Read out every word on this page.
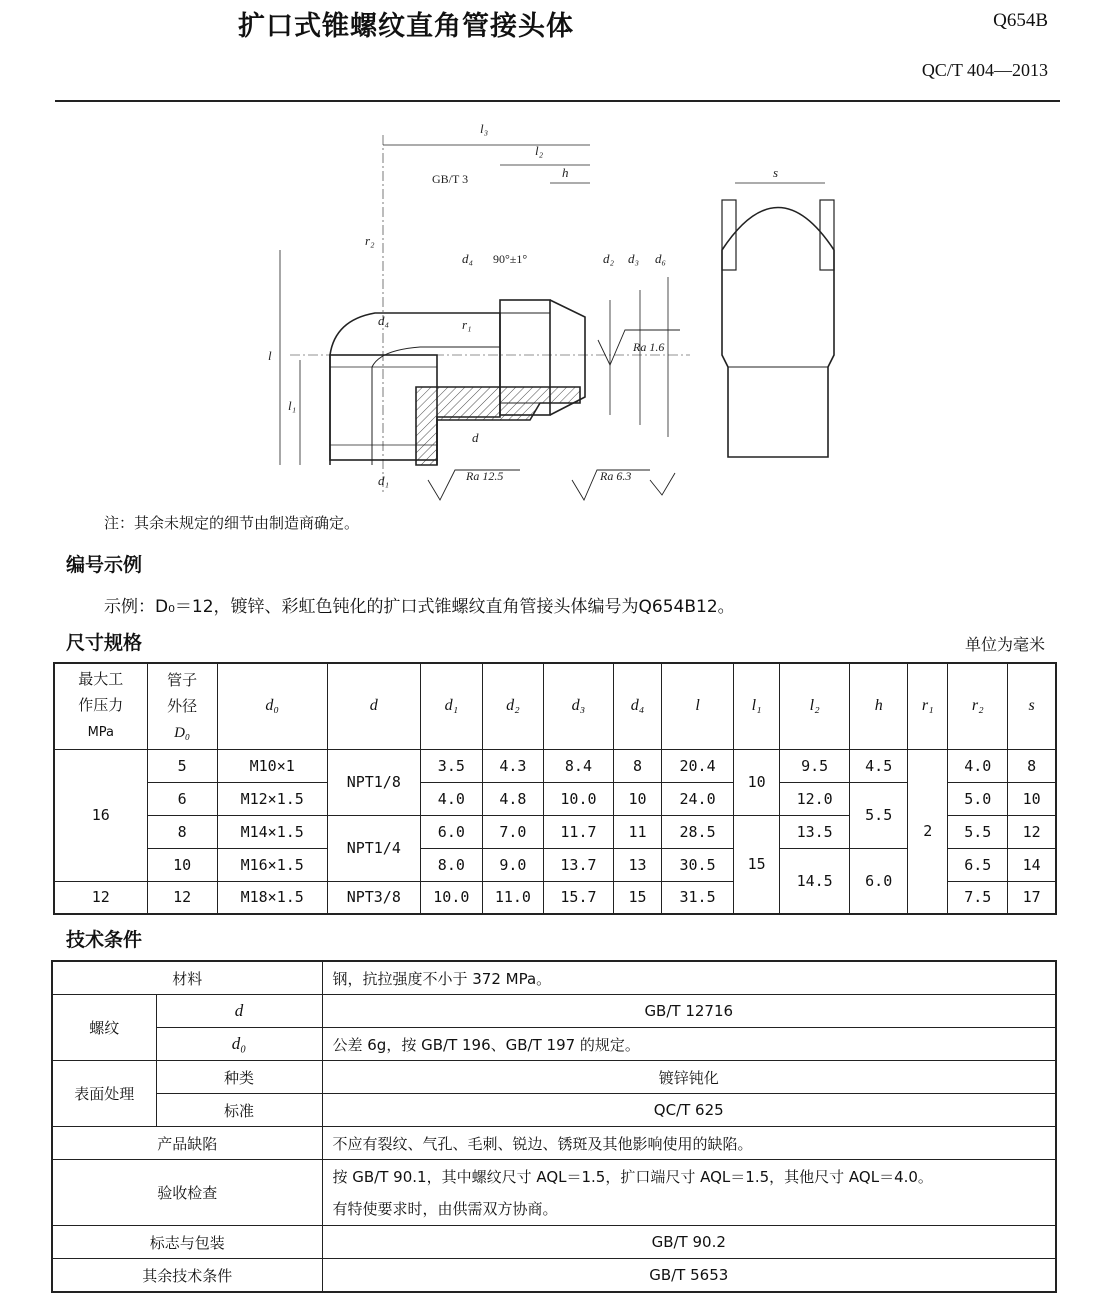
扩口式锥螺纹直角管接头体	Q654B
QC/T 404—2013
l₃
l₂
h	s
GB/T 3
r₂
r₁
d₄
d₄
90°±1°	d₂ d₃ d₆
l
l₁
d
d₁
Ra 1.6
Ra 12.5	Ra 6.3
注：其余未规定的细节由制造商确定。
编号示例
示例：D₀＝12，镀锌、彩虹色钝化的扩口式锥螺纹直角管接头体编号为Q654B12。
尺寸规格	单位为毫米
最大工
作压力
MPa	管子
外径
D₀	d₀	d	d₁	d₂	d₃	d₄	l	l₁	l₂	h	r₁	r₂	s
16	5	M10×1	NPT1/8	3.5	4.3	8.4	8	20.4	10	9.5	4.5	2	4.0	8
	6	M12×1.5		4.0	4.8	10.0	10	24.0		12.0	5.5		5.0	10
	8	M14×1.5	NPT1/4	6.0	7.0	11.7	11	28.5	15	13.5			5.5	12
	10	M16×1.5		8.0	9.0	13.7	13	30.5		14.5	6.0		6.5	14
12	12	M18×1.5	NPT3/8	10.0	11.0	15.7	15	31.5					7.5	17
技术条件
材料		钢，抗拉强度不小于 372 MPa。
螺纹	d	GB/T 12716
	d₀	公差 6g，按 GB/T 196、GB/T 197 的规定。
表面处理	种类	镀锌钝化
	标准	QC/T 625
产品缺陷		不应有裂纹、气孔、毛刺、锐边、锈斑及其他影响使用的缺陷。
验收检查		按 GB/T 90.1，其中螺纹尺寸 AQL＝1.5，扩口端尺寸 AQL＝1.5，其他尺寸 AQL＝4.0。
有特使要求时，由供需双方协商。
标志与包装		GB/T 90.2
其余技术条件		GB/T 5653
